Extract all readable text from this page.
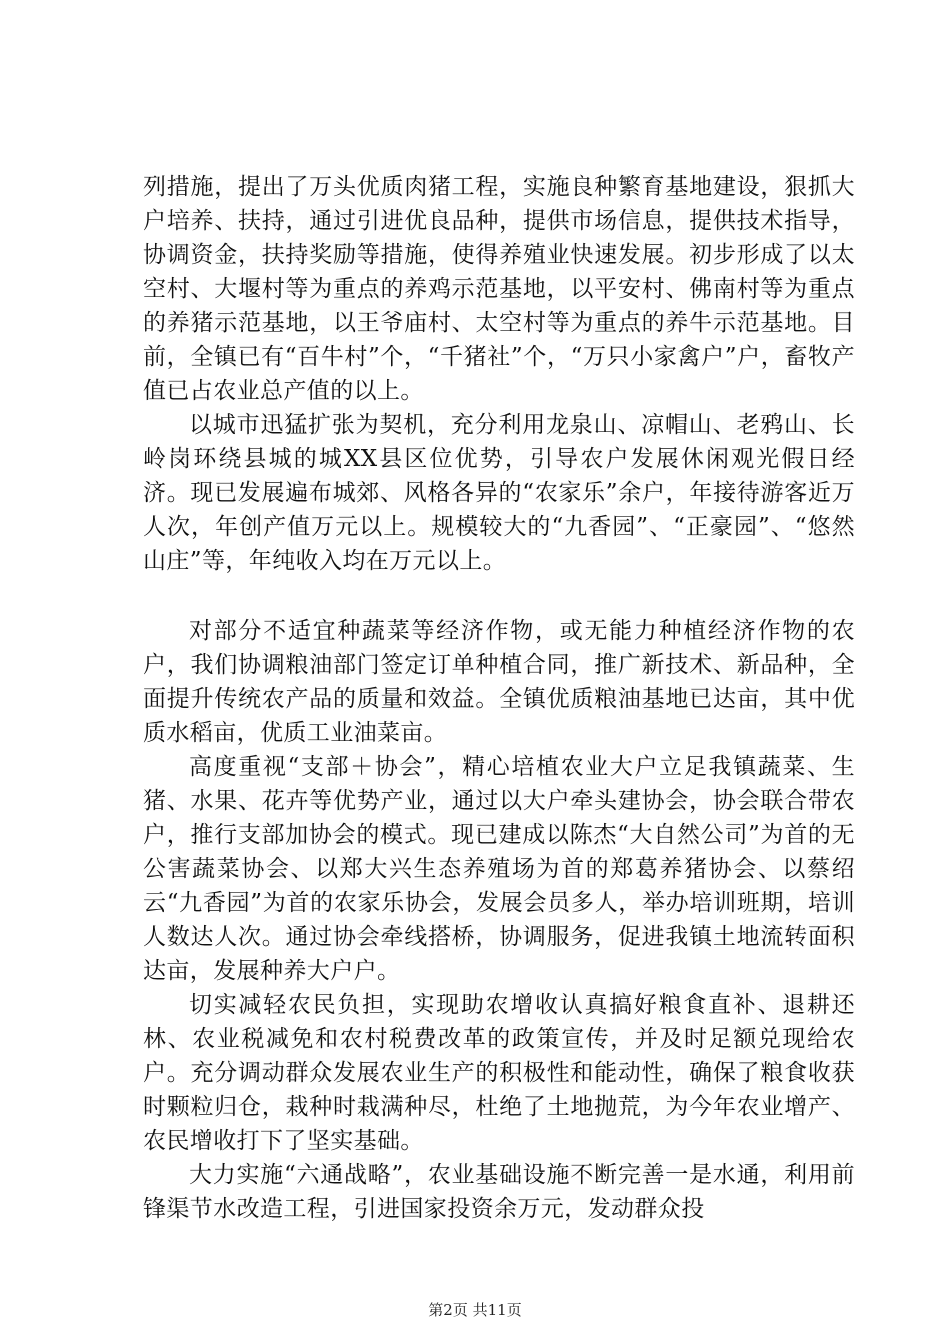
列措施，提出了万头优质肉猪工程，实施良种繁育基地建设，狠抓大户培养、扶持，通过引进优良品种，提供市场信息，提供技术指导，协调资金，扶持奖励等措施，使得养殖业快速发展。初步形成了以太空村、大堰村等为重点的养鸡示范基地，以平安村、佛南村等为重点的养猪示范基地，以王爷庙村、太空村等为重点的养牛示范基地。目前，全镇已有“百牛村”个，“千猪社”个，“万只小家禽户”户，畜牧产值已占农业总产值的以上。

以城市迅猛扩张为契机，充分利用龙泉山、凉帽山、老鸦山、长岭岗环绕县城的城XX县区位优势，引导农户发展休闲观光假日经济。现已发展遍布城郊、风格各异的“农家乐”余户，年接待游客近万人次，年创产值万元以上。规模较大的“九香园”、“正豪园”、“悠然山庄”等，年纯收入均在万元以上。

对部分不适宜种蔬菜等经济作物，或无能力种植经济作物的农户，我们协调粮油部门签定订单种植合同，推广新技术、新品种，全面提升传统农产品的质量和效益。全镇优质粮油基地已达亩，其中优质水稻亩，优质工业油菜亩。

高度重视“支部＋协会”，精心培植农业大户立足我镇蔬菜、生猪、水果、花卉等优势产业，通过以大户牵头建协会，协会联合带农户，推行支部加协会的模式。现已建成以陈杰“大自然公司”为首的无公害蔬菜协会、以郑大兴生态养殖场为首的郑葛养猪协会、以蔡绍云“九香园”为首的农家乐协会，发展会员多人，举办培训班期，培训人数达人次。通过协会牵线搭桥，协调服务，促进我镇土地流转面积达亩，发展种养大户户。

切实减轻农民负担，实现助农增收认真搞好粮食直补、退耕还林、农业税减免和农村税费改革的政策宣传，并及时足额兑现给农户。充分调动群众发展农业生产的积极性和能动性，确保了粮食收获时颗粒归仓，栽种时栽满种尽，杜绝了土地抛荒，为今年农业增产、农民增收打下了坚实基础。

大力实施“六通战略”，农业基础设施不断完善一是水通，利用前锋渠节水改造工程，引进国家投资余万元，发动群众投

第2页 共11页
